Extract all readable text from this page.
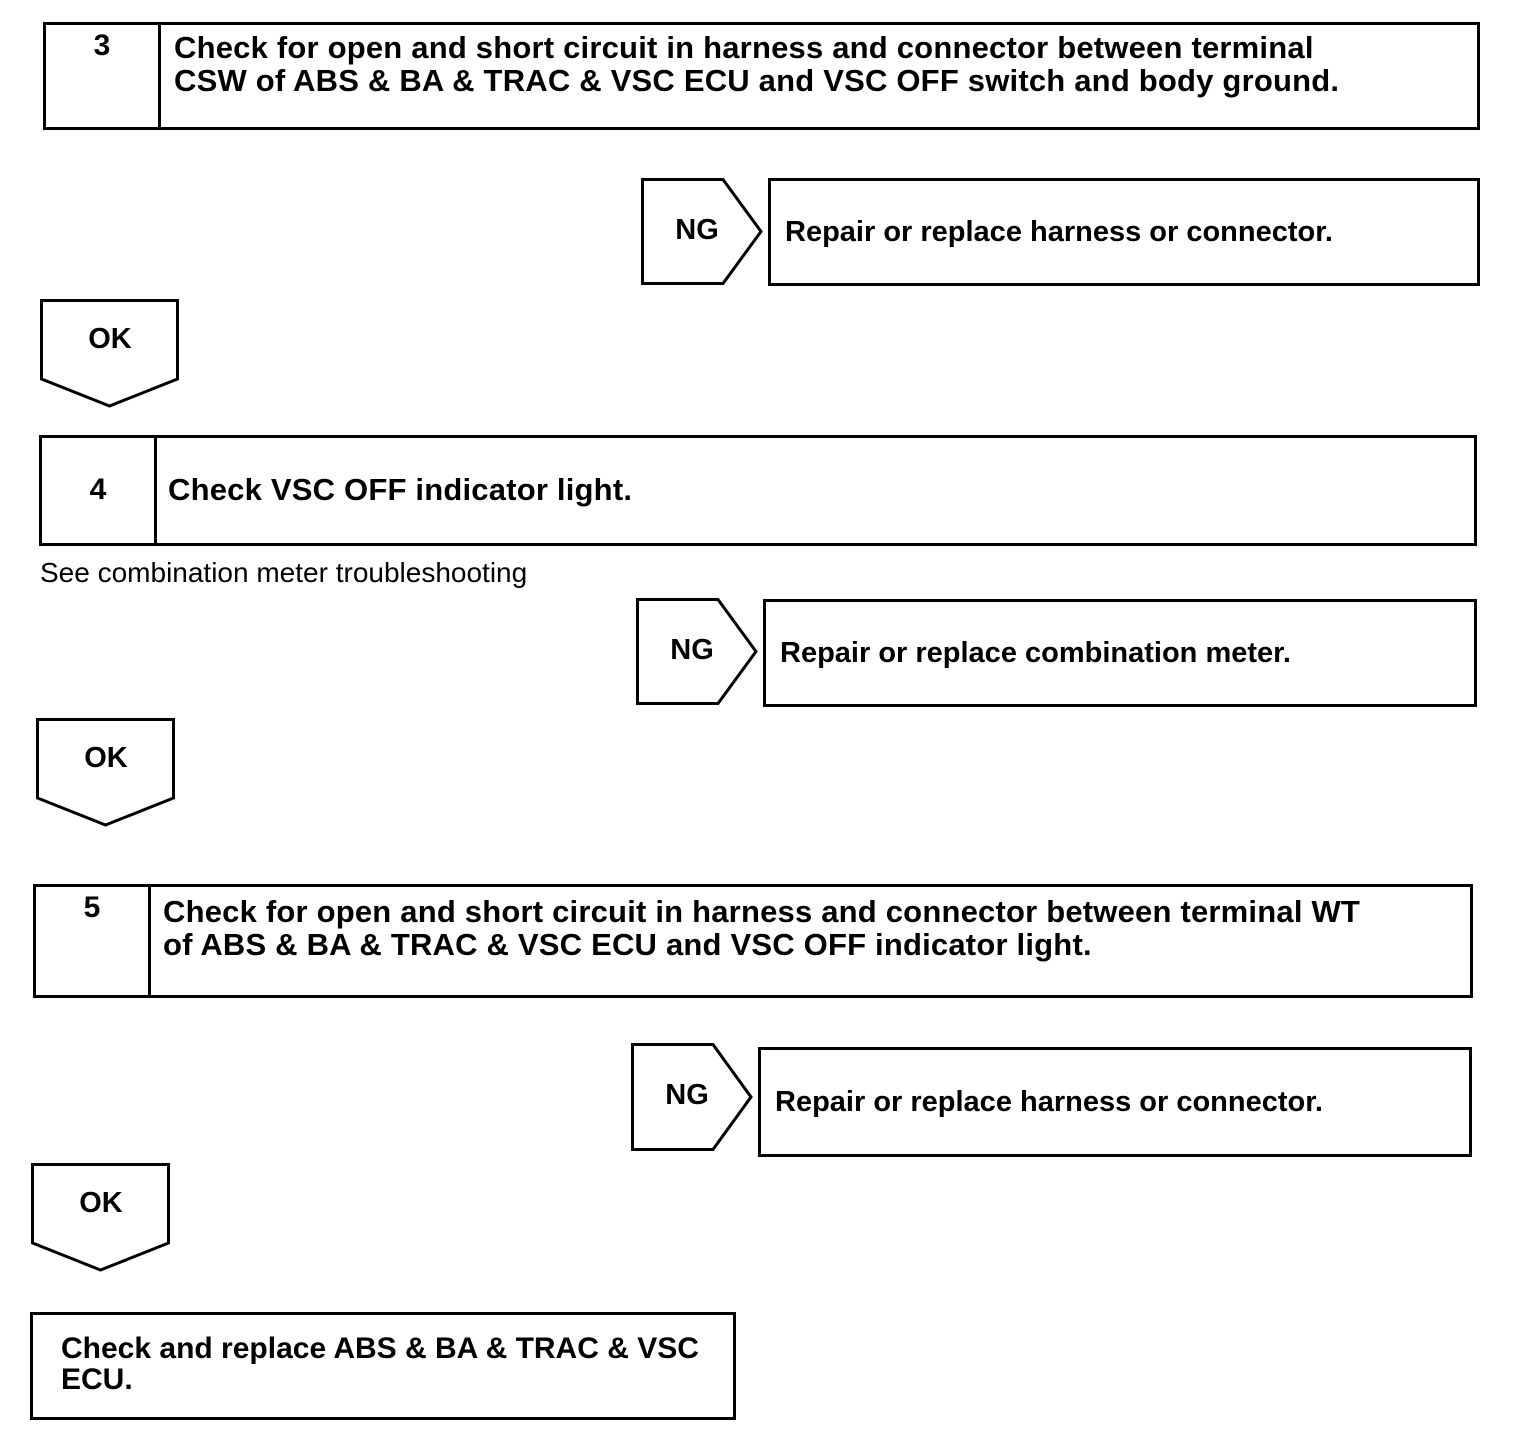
3	Check for open and short circuit in harness and connector between terminal
CSW of ABS & BA & TRAC & VSC ECU and VSC OFF switch and body ground.
NG	Repair or replace harness or connector.
OK
4	Check VSC OFF indicator light.
See combination meter troubleshooting
NG	Repair or replace combination meter.
OK
5	Check for open and short circuit in harness and connector between terminal WT
of ABS & BA & TRAC & VSC ECU and VSC OFF indicator light.
NG	Repair or replace harness or connector.
OK
Check and replace ABS & BA & TRAC & VSC
ECU.
